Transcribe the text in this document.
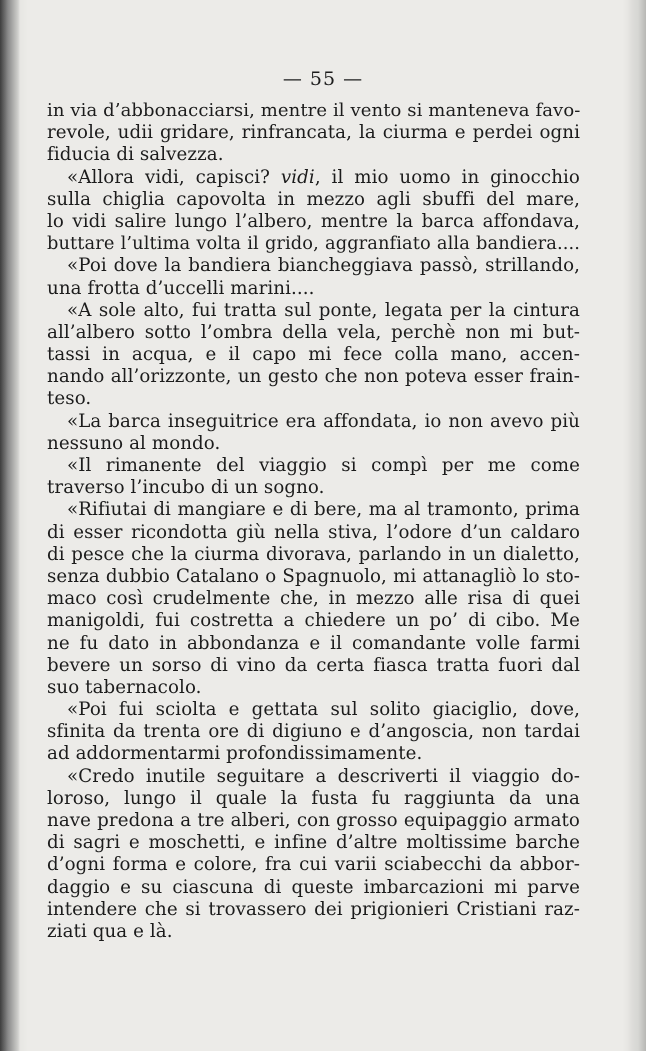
— 55 —
in via d’abbonacciarsi, mentre il vento si manteneva favo-
revole, udii gridare, rinfrancata, la ciurma e perdei ogni
fiducia di salvezza.
«Allora vidi, capisci? vidi, il mio uomo in ginocchio
sulla chiglia capovolta in mezzo agli sbuffi del mare,
lo vidi salire lungo l’albero, mentre la barca affondava,
buttare l’ultima volta il grido, aggranfiato alla bandiera....
«Poi dove la bandiera biancheggiava passò, strillando,
una frotta d’uccelli marini....
«A sole alto, fui tratta sul ponte, legata per la cintura
all’albero sotto l’ombra della vela, perchè non mi but-
tassi in acqua, e il capo mi fece colla mano, accen-
nando all’orizzonte, un gesto che non poteva esser frain-
teso.
«La barca inseguitrice era affondata, io non avevo più
nessuno al mondo.
«Il rimanente del viaggio si compì per me come
traverso l’incubo di un sogno.
«Rifiutai di mangiare e di bere, ma al tramonto, prima
di esser ricondotta giù nella stiva, l’odore d’un caldaro
di pesce che la ciurma divorava, parlando in un dialetto,
senza dubbio Catalano o Spagnuolo, mi attanagliò lo sto-
maco così crudelmente che, in mezzo alle risa di quei
manigoldi, fui costretta a chiedere un po’ di cibo. Me
ne fu dato in abbondanza e il comandante volle farmi
bevere un sorso di vino da certa fiasca tratta fuori dal
suo tabernacolo.
«Poi fui sciolta e gettata sul solito giaciglio, dove,
sfinita da trenta ore di digiuno e d’angoscia, non tardai
ad addormentarmi profondissimamente.
«Credo inutile seguitare a descriverti il viaggio do-
loroso, lungo il quale la fusta fu raggiunta da una
nave predona a tre alberi, con grosso equipaggio armato
di sagri e moschetti, e infine d’altre moltissime barche
d’ogni forma e colore, fra cui varii sciabecchi da abbor-
daggio e su ciascuna di queste imbarcazioni mi parve
intendere che si trovassero dei prigionieri Cristiani raz-
ziati qua e là.
